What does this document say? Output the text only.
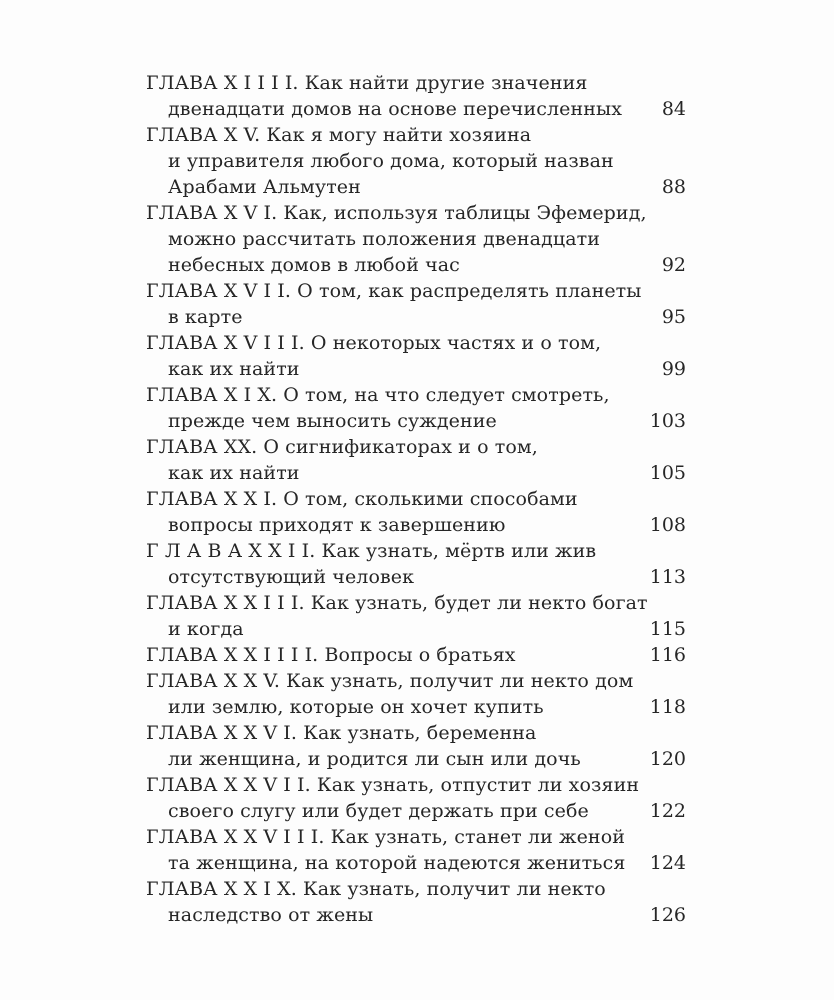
ГЛАВА X I I I I. Как найти другие значения
двенадцати домов на основе перечисленных	84
ГЛАВА X V. Как я могу найти хозяина
и управителя любого дома, который назван
Арабами Альмутен	88
ГЛАВА X V I. Как, используя таблицы Эфемерид,
можно рассчитать положения двенадцати
небесных домов в любой час	92
ГЛАВА X V I I. О том, как распределять планеты
в карте	95
ГЛАВА X V I I I. О некоторых частях и о том,
как их найти	99
ГЛАВА X I X. О том, на что следует смотреть,
прежде чем выносить суждение	103
ГЛАВА XX. О сигнификаторах и о том,
как их найти	105
ГЛАВА X X I. О том, сколькими способами
вопросы приходят к завершению	108
Г Л А В А X X I I. Как узнать, мёртв или жив
отсутствующий человек	113
ГЛАВА X X I I I. Как узнать, будет ли некто богат
и когда	115
ГЛАВА X X I I I I. Вопросы о братьях	116
ГЛАВА X X V. Как узнать, получит ли некто дом
или землю, которые он хочет купить	118
ГЛАВА X X V I. Как узнать, беременна
ли женщина, и родится ли сын или дочь	120
ГЛАВА X X V I I. Как узнать, отпустит ли хозяин
своего слугу или будет держать при себе	122
ГЛАВА X X V I I I. Как узнать, станет ли женой
та женщина, на которой надеются жениться	124
ГЛАВА X X I X. Как узнать, получит ли некто
наследство от жены	126
